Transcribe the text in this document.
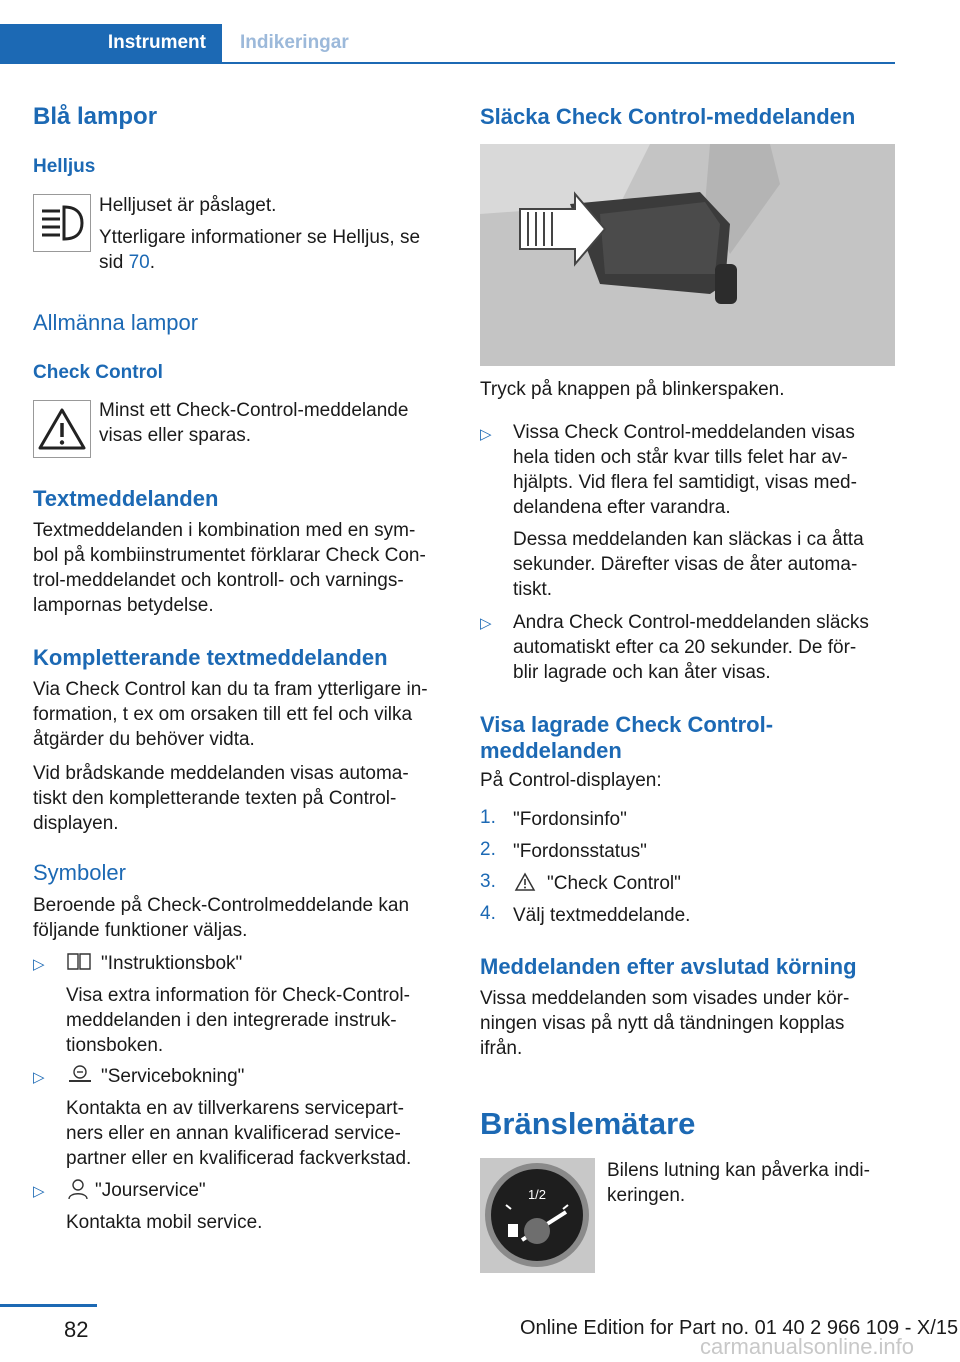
Instrument	Indikeringar
Blå lampor
Helljus
Helljuset är påslaget.
Ytterligare informationer se Helljus, se
sid 70.
Allmänna lampor
Check Control
Minst ett Check-Control-meddelande
visas eller sparas.
Textmeddelanden
Textmeddelanden i kombination med en sym-
bol på kombiinstrumentet förklarar Check Con-
trol-meddelandet och kontroll- och varnings-
lampornas betydelse.
Kompletterande textmeddelanden
Via Check Control kan du ta fram ytterligare in-
formation, t ex om orsaken till ett fel och vilka
åtgärder du behöver vidta.
Vid brådskande meddelanden visas automa-
tiskt den kompletterande texten på Control-
displayen.
Symboler
Beroende på Check-Controlmeddelande kan
följande funktioner väljas.
▷	"Instruktionsbok"
Visa extra information för Check-Control-
meddelanden i den integrerade instruk-
tionsboken.
▷	"Servicebokning"
Kontakta en av tillverkarens servicepart-
ners eller en annan kvalificerad service-
partner eller en kvalificerad fackverkstad.
▷	"Jourservice"
Kontakta mobil service.
Släcka Check Control-meddelanden
Tryck på knappen på blinkerspaken.
▷ Vissa Check Control-meddelanden visas
hela tiden och står kvar tills felet har av-
hjälpts. Vid flera fel samtidigt, visas med-
delandena efter varandra.
Dessa meddelanden kan släckas i ca åtta
sekunder. Därefter visas de åter automa-
tiskt.
▷ Andra Check Control-meddelanden släcks
automatiskt efter ca 20 sekunder. De för-
blir lagrade och kan åter visas.
Visa lagrade Check Control-
meddelanden
På Control-displayen:
1. "Fordonsinfo"
2. "Fordonsstatus"
3.	"Check Control"
4. Välj textmeddelande.
Meddelanden efter avslutad körning
Vissa meddelanden som visades under kör-
ningen visas på nytt då tändningen kopplas
ifrån.
Bränslemätare
1/2
Bilens lutning kan påverka indi-
keringen.
82	Online Edition for Part no. 01 40 2 966 109 - X/15
carmanualsonline.info
